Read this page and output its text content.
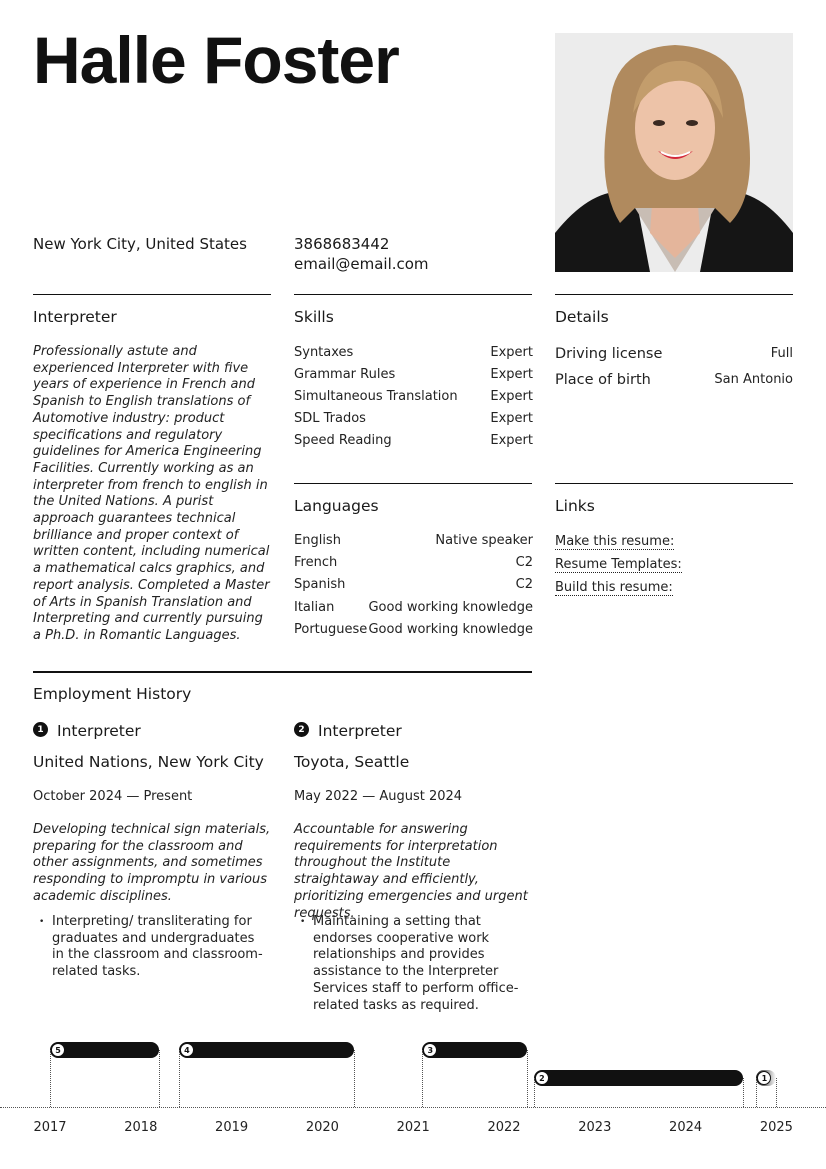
Halle Foster
New York City, United States	3868683442
email@email.com
Interpreter
Professionally astute and experienced Interpreter with five years of experience in French and Spanish to English translations of Automotive industry: product specifications and regulatory guidelines for America Engineering Facilities. Currently working as an interpreter from french to english in the United Nations. A purist approach guarantees technical brilliance and proper context of written content, including numerical a mathematical calcs graphics, and report analysis. Completed a Master of Arts in Spanish Translation and Interpreting and currently pursuing a Ph.D. in Romantic Languages.
Skills
Syntaxes	Expert
Grammar Rules	Expert
Simultaneous Translation	Expert
SDL Trados	Expert
Speed Reading	Expert
Details
Driving license	Full
Place of birth	San Antonio
Languages
English	Native speaker
French	C2
Spanish	C2
Italian	Good working knowledge
Portuguese Good working knowledge
Links
Make this resume:
Resume Templates:
Build this resume:
Employment History
1 Interpreter
United Nations, New York City
October 2024 — Present
Developing technical sign materials, preparing for the classroom and other assignments, and sometimes responding to impromptu in various academic disciplines.
• Interpreting/ transliterating for graduates and undergraduates in the classroom and classroom-related tasks.
2 Interpreter
Toyota, Seattle
May 2022 — August 2024
Accountable for answering requirements for interpretation throughout the Institute straightaway and efficiently, prioritizing emergencies and urgent requests.
• Maintaining a setting that endorses cooperative work relationships and provides assistance to the Interpreter Services staff to perform office-related tasks as required.
2017	2018	2019	2020	2021	2022	2023	2024	2025
5	4	3
2	1
